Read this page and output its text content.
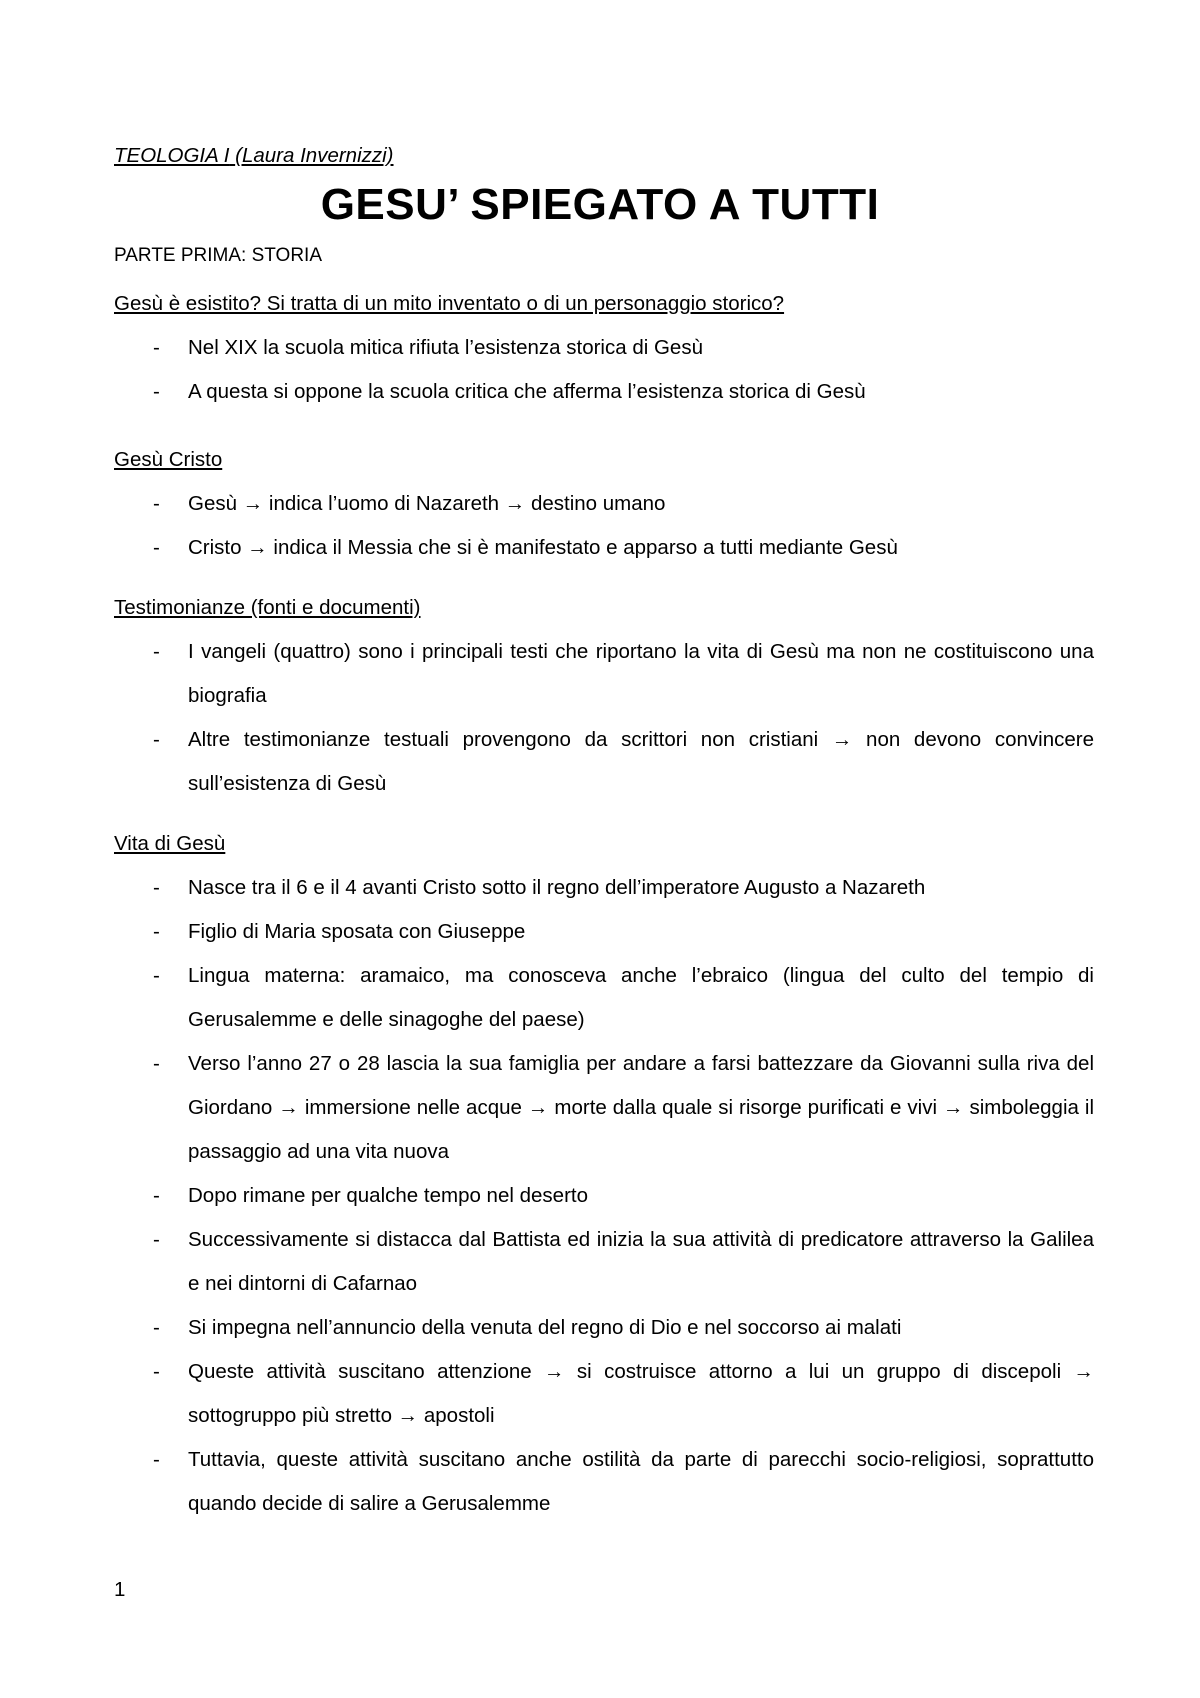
TEOLOGIA I (Laura Invernizzi)
GESU’ SPIEGATO A TUTTI
PARTE PRIMA: STORIA
Gesù è esistito? Si tratta di un mito inventato o di un personaggio storico?
- Nel XIX la scuola mitica rifiuta l’esistenza storica di Gesù
- A questa si oppone la scuola critica che afferma l’esistenza storica di Gesù
Gesù Cristo
- Gesù → indica l’uomo di Nazareth → destino umano
- Cristo → indica il Messia che si è manifestato e apparso a tutti mediante Gesù
Testimonianze (fonti e documenti)
- I vangeli (quattro) sono i principali testi che riportano la vita di Gesù ma non ne costituiscono una biografia
- Altre testimonianze testuali provengono da scrittori non cristiani → non devono convincere sull’esistenza di Gesù
Vita di Gesù
- Nasce tra il 6 e il 4 avanti Cristo sotto il regno dell’imperatore Augusto a Nazareth
- Figlio di Maria sposata con Giuseppe
- Lingua materna: aramaico, ma conosceva anche l’ebraico (lingua del culto del tempio di Gerusalemme e delle sinagoghe del paese)
- Verso l’anno 27 o 28 lascia la sua famiglia per andare a farsi battezzare da Giovanni sulla riva del Giordano → immersione nelle acque → morte dalla quale si risorge purificati e vivi → simboleggia il passaggio ad una vita nuova
- Dopo rimane per qualche tempo nel deserto
- Successivamente si distacca dal Battista ed inizia la sua attività di predicatore attraverso la Galilea e nei dintorni di Cafarnao
- Si impegna nell’annuncio della venuta del regno di Dio e nel soccorso ai malati
- Queste attività suscitano attenzione → si costruisce attorno a lui un gruppo di discepoli → sottogruppo più stretto → apostoli
- Tuttavia, queste attività suscitano anche ostilità da parte di parecchi socio-religiosi, soprattutto quando decide di salire a Gerusalemme
1
